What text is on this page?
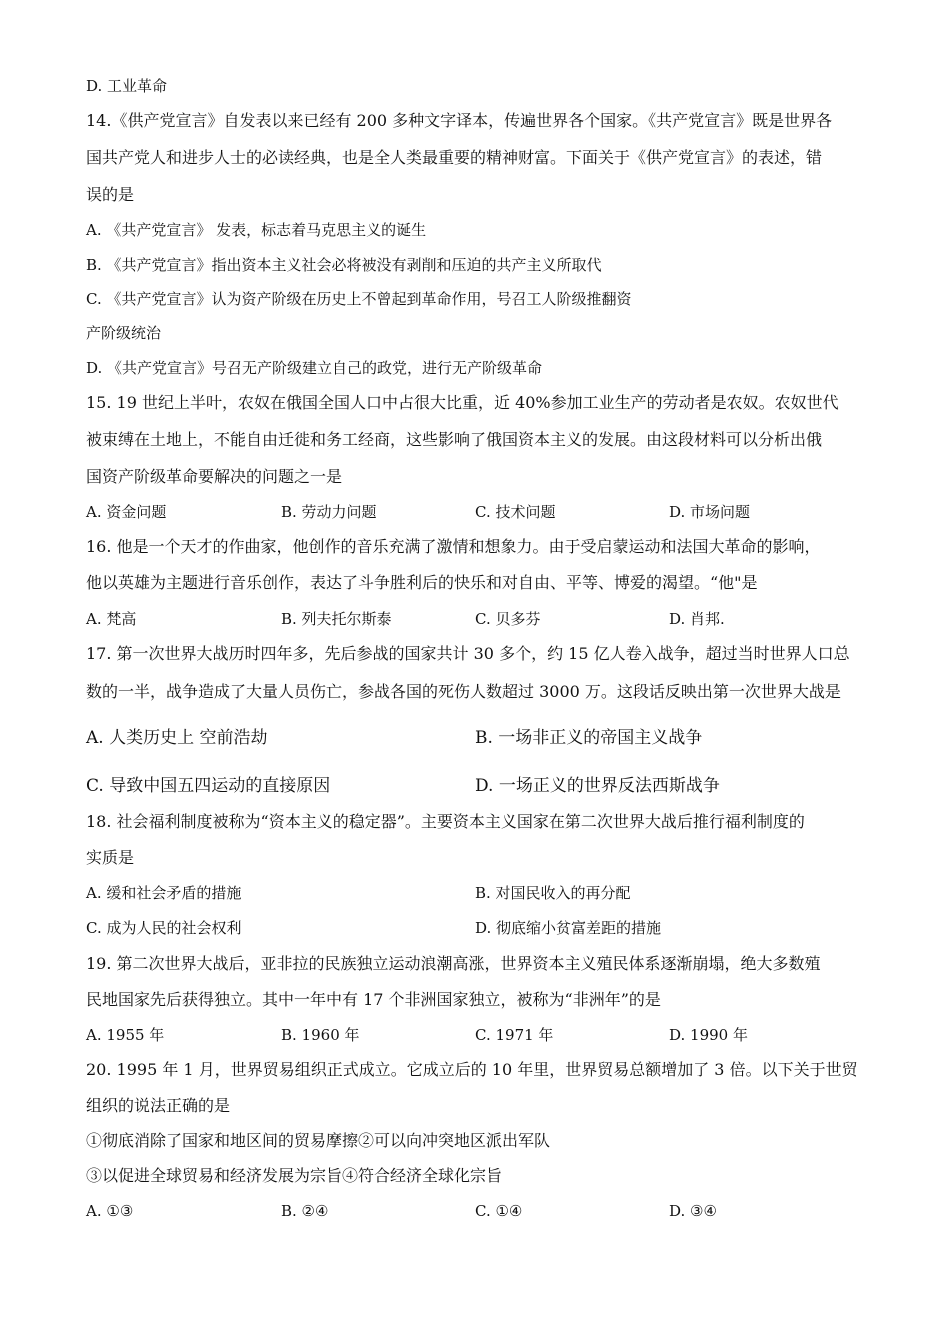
D. 工业革命
14.《供产党宣言》自发表以来已经有 200 多种文字译本，传遍世界各个国家。《共产党宣言》既是世界各
国共产党人和进步人士的必读经典，也是全人类最重要的精神财富。下面关于《供产党宣言》的表述，错
误的是
A. 《共产党宣言》 发表，标志着马克思主义的诞生
B. 《共产党宣言》指出资本主义社会必将被没有剥削和压迫的共产主义所取代
C. 《共产党宣言》认为资产阶级在历史上不曾起到革命作用，号召工人阶级推翻资
产阶级统治
D. 《共产党宣言》号召无产阶级建立自己的政党，进行无产阶级革命
15. 19 世纪上半叶，农奴在俄国全国人口中占很大比重，近 40%参加工业生产的劳动者是农奴。农奴世代
被束缚在土地上，不能自由迁徙和务工经商，这些影响了俄国资本主义的发展。由这段材料可以分析出俄
国资产阶级革命要解决的问题之一是
A. 资金问题	B. 劳动力问题	C. 技术问题	D. 市场问题
16. 他是一个天才的作曲家，他创作的音乐充满了激情和想象力。由于受启蒙运动和法国大革命的影响，
他以英雄为主题进行音乐创作，表达了斗争胜利后的快乐和对自由、平等、博爱的渴望。“他"是
A. 梵高	B. 列夫托尔斯泰	C. 贝多芬	D. 肖邦.
17. 第一次世界大战历时四年多，先后参战的国家共计 30 多个，约 15 亿人卷入战争，超过当时世界人口总
数的一半，战争造成了大量人员伤亡，参战各国的死伤人数超过 3000 万。这段话反映出第一次世界大战是
A. 人类历史上 空前浩劫	B. 一场非正义的帝国主义战争
C. 导致中国五四运动的直接原因	D. 一场正义的世界反法西斯战争
18. 社会福利制度被称为“资本主义的稳定器”。主要资本主义国家在第二次世界大战后推行福利制度的
实质是
A. 缓和社会矛盾的措施	B. 对国民收入的再分配
C. 成为人民的社会权利	D. 彻底缩小贫富差距的措施
19. 第二次世界大战后，亚非拉的民族独立运动浪潮高涨，世界资本主义殖民体系逐渐崩塌，绝大多数殖
民地国家先后获得独立。其中一年中有 17 个非洲国家独立，被称为“非洲年”的是
A. 1955 年	B. 1960 年	C. 1971 年	D. 1990 年
20. 1995 年 1 月，世界贸易组织正式成立。它成立后的 10 年里，世界贸易总额增加了 3 倍。以下关于世贸
组织的说法正确的是
①彻底消除了国家和地区间的贸易摩擦②可以向冲突地区派出军队
③以促进全球贸易和经济发展为宗旨④符合经济全球化宗旨
A. ①③	B. ②④	C. ①④	D. ③④
